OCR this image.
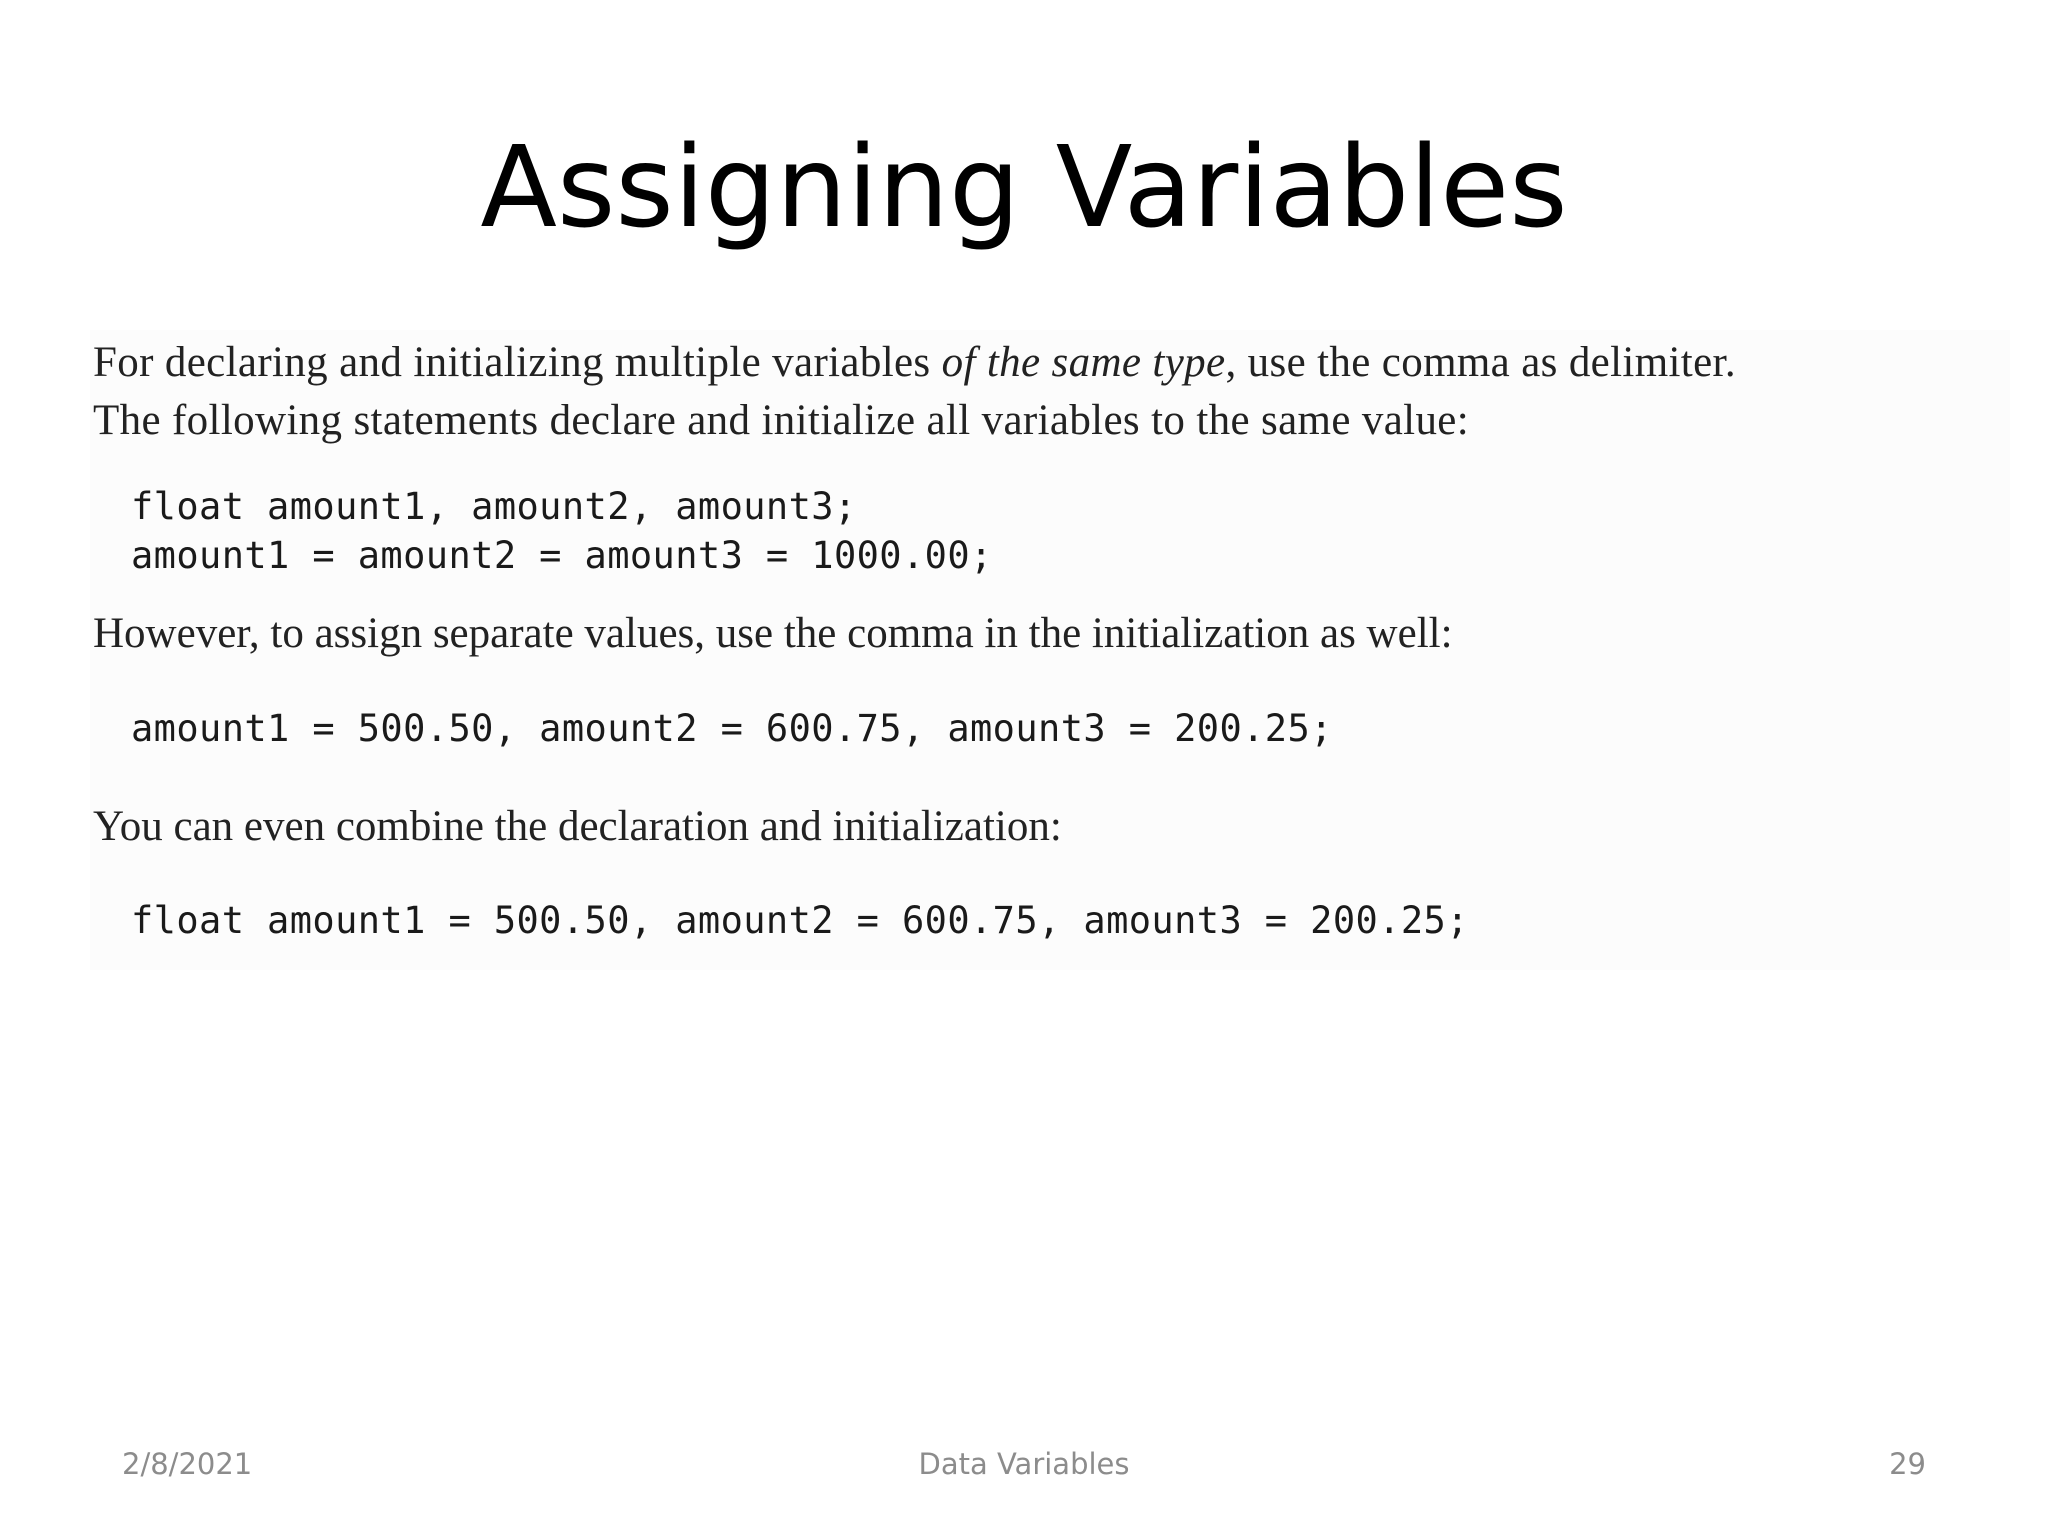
Assigning Variables

For declaring and initializing multiple variables of the same type, use the comma as delimiter.
The following statements declare and initialize all variables to the same value:

float amount1, amount2, amount3;
amount1 = amount2 = amount3 = 1000.00;

However, to assign separate values, use the comma in the initialization as well:

amount1 = 500.50, amount2 = 600.75, amount3 = 200.25;

You can even combine the declaration and initialization:

float amount1 = 500.50, amount2 = 600.75, amount3 = 200.25;
2/8/2021	Data Variables	29
